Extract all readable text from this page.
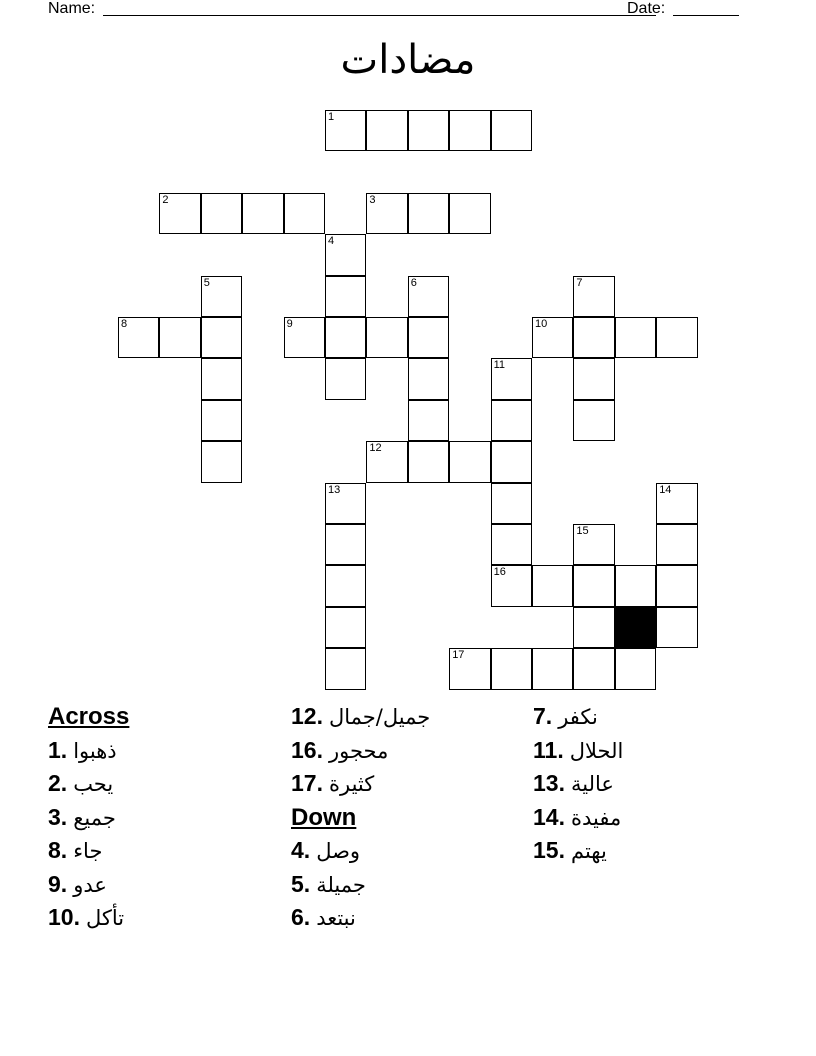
Name:	Date:
مضادات
1
2	3
4
5	6	7
8	9	10
11
12
13	14
15
16
17
Across
1. ذهبوا
2. يحب
3. جميع
8. جاء
9. عدو
10. تأكل
12. جميل/جمال
16. محجور
17. كثيرة
Down
4. وصل
5. جميلة
6. نبتعد
7. نكفر
11. الحلال
13. عالية
14. مفيدة
15. يهتم
